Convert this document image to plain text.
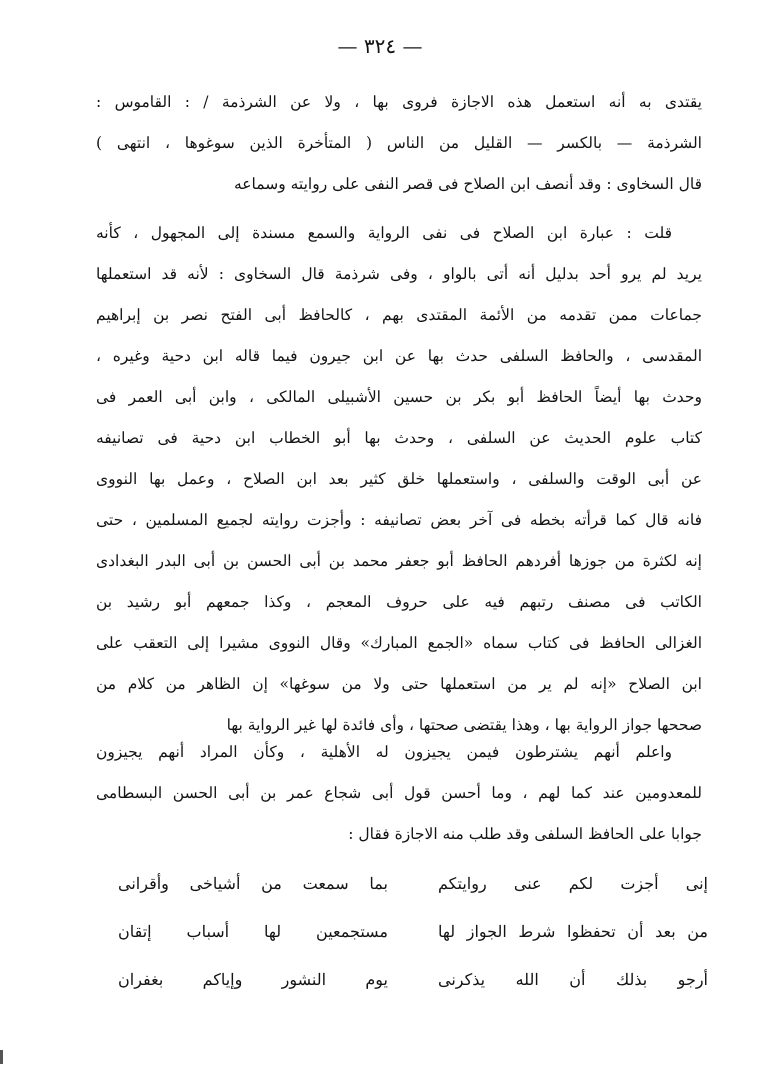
— ٣٢٤ —
يقتدى به أنه استعمل هذه الاجازة فروى بها ، ولا عن الشرذمة / : القاموس :
الشرذمة — بالكسر — القليل من الناس ( المتأخرة الذين سوغوها ، انتهى )
قال السخاوى : وقد أنصف ابن الصلاح فى قصر النفى على روايته وسماعه
قلت : عبارة ابن الصلاح فى نفى الرواية والسمع مسندة إلى المجهول ، كأنه
يريد لم يرو أحد بدليل أنه أتى بالواو ، وفى شرذمة قال السخاوى : لأنه قد استعملها
جماعات ممن تقدمه من الأئمة المقتدى بهم ، كالحافظ أبى الفتح نصر بن إبراهيم
المقدسى ، والحافظ السلفى حدث بها عن ابن جيرون فيما قاله ابن دحية وغيره ،
وحدث بها أيضاً الحافظ أبو بكر بن حسين الأشبيلى المالكى ، وابن أبى العمر فى
كتاب علوم الحديث عن السلفى ، وحدث بها أبو الخطاب ابن دحية فى تصانيفه
عن أبى الوقت والسلفى ، واستعملها خلق كثير بعد ابن الصلاح ، وعمل بها النووى
فانه قال كما قرأته بخطه فى آخر بعض تصانيفه : وأجزت روايته لجميع المسلمين ، حتى
إنه لكثرة من جوزها أفردهم الحافظ أبو جعفر محمد بن أبى الحسن بن أبى البدر البغدادى
الكاتب فى مصنف رتبهم فيه على حروف المعجم ، وكذا جمعهم أبو رشيد بن
الغزالى الحافظ فى كتاب سماه «الجمع المبارك» وقال النووى مشيرا إلى التعقب على
ابن الصلاح «إنه لم ير من استعملها حتى ولا من سوغها» إن الظاهر من كلام من
صححها جواز الرواية بها ، وهذا يقتضى صحتها ، وأى فائدة لها غير الرواية بها
واعلم أنهم يشترطون فيمن يجيزون له الأهلية ، وكأن المراد أنهم يجيزون
للمعدومين عند كما لهم ، وما أحسن قول أبى شجاع عمر بن أبى الحسن البسطامى
جوابا على الحافظ السلفى وقد طلب منه الاجازة فقال :
إنى أجزت لكم عنى روايتكم
بما سمعت من أشياخى وأقرانى
من بعد أن تحفظوا شرط الجواز لها
مستجمعين لها أسباب إتقان
أرجو بذلك أن الله يذكرنى
يوم النشور وإياكم بغفران
